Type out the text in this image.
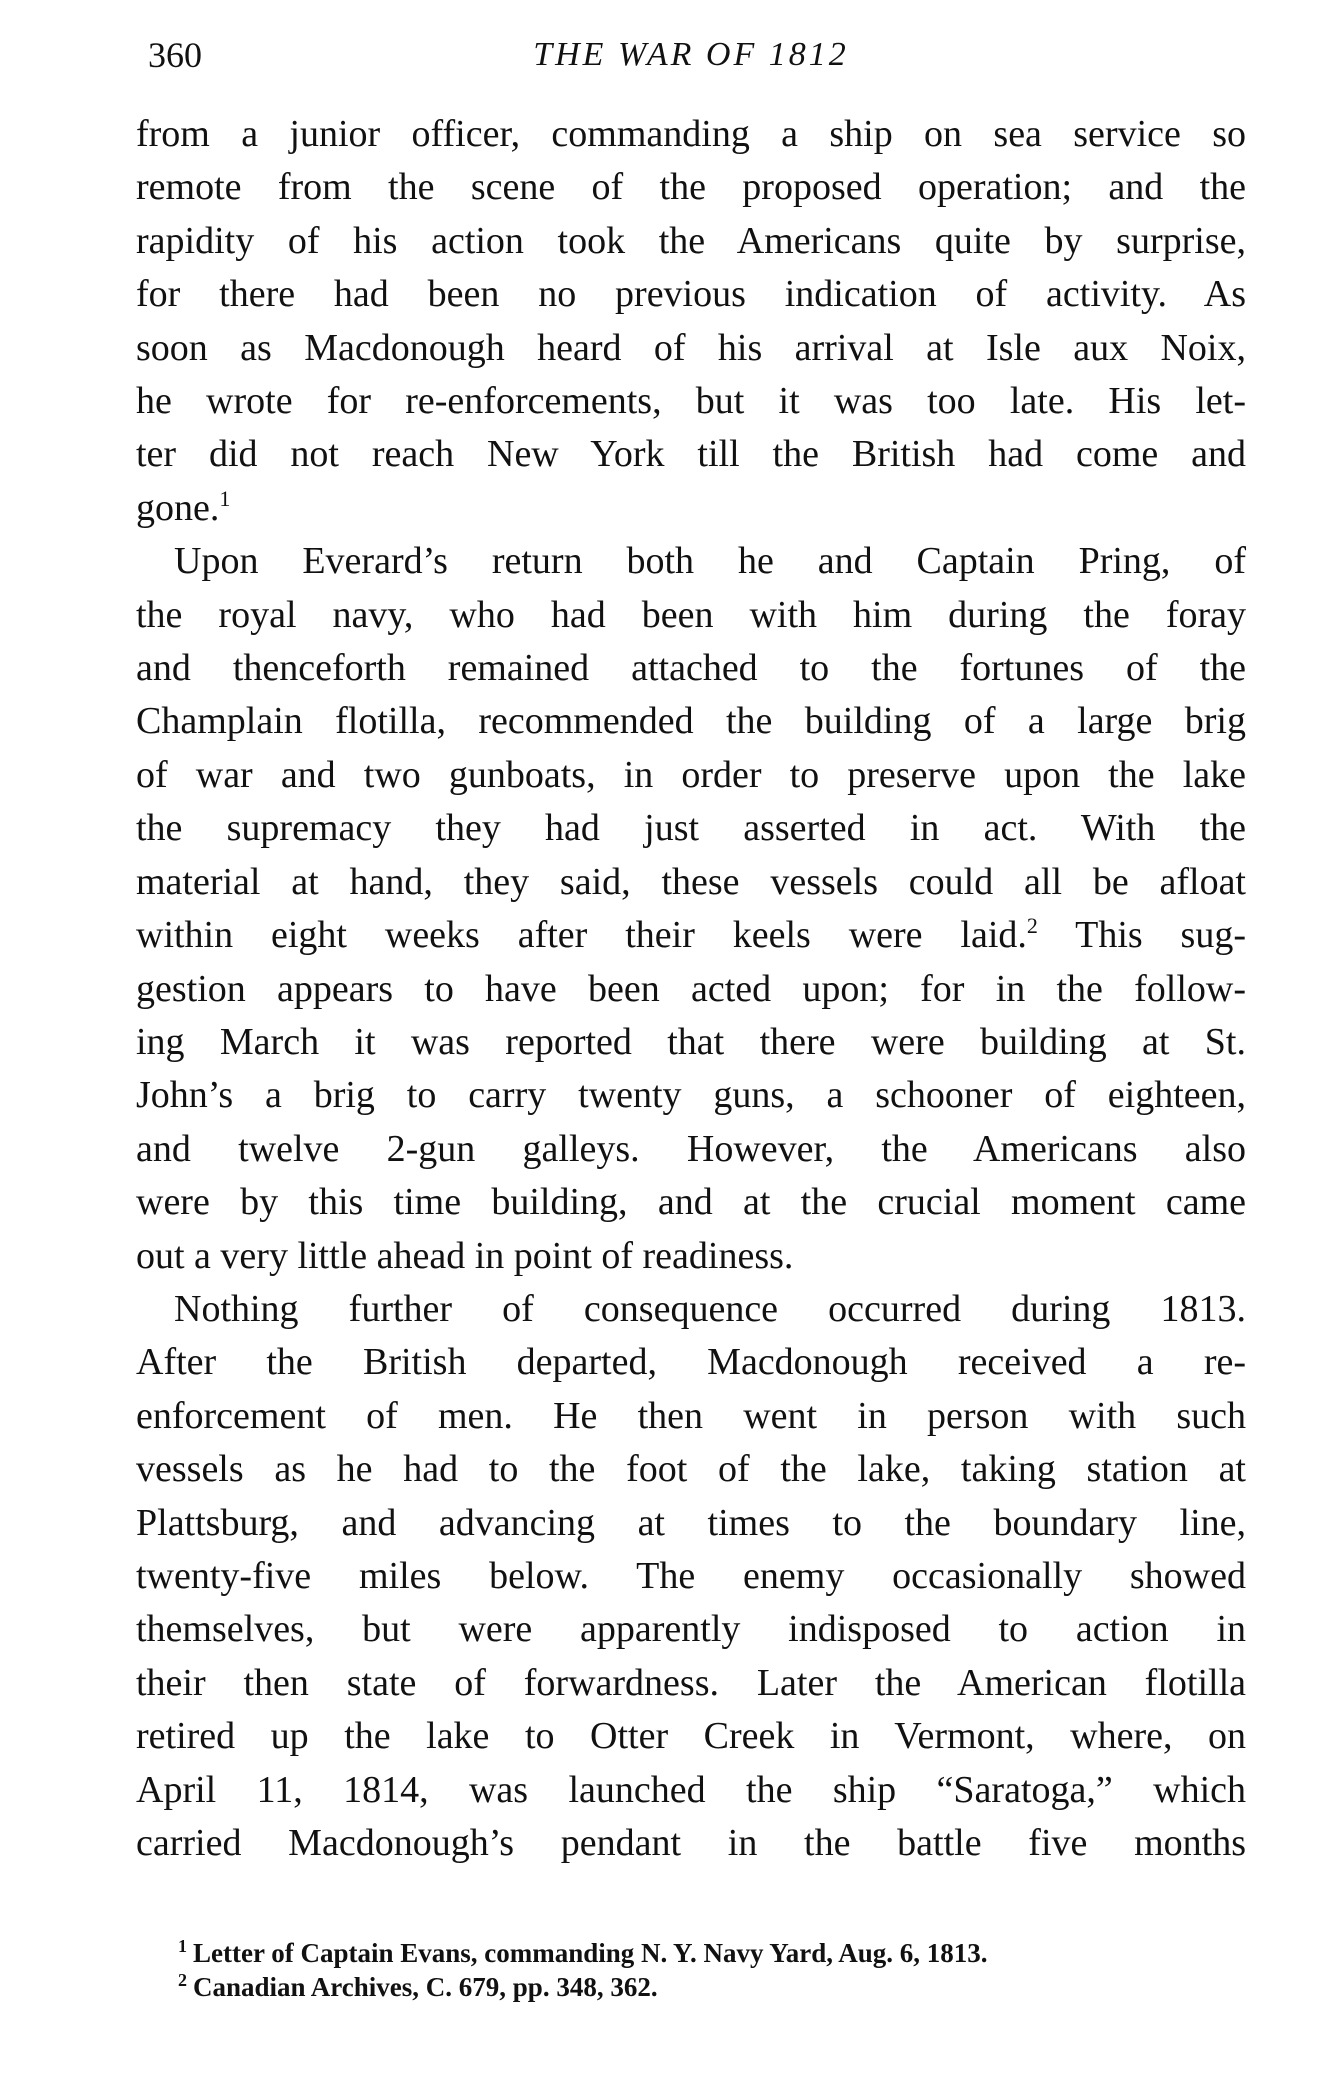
360	THE WAR OF 1812

from a junior officer, commanding a ship on sea service so
remote from the scene of the proposed operation; and the
rapidity of his action took the Americans quite by surprise,
for there had been no previous indication of activity. As
soon as Macdonough heard of his arrival at Isle aux Noix,
he wrote for re-enforcements, but it was too late. His let-
ter did not reach New York till the British had come and
gone.$^1$

Upon Everard’s return both he and Captain Pring, of
the royal navy, who had been with him during the foray
and thenceforth remained attached to the fortunes of the
Champlain flotilla, recommended the building of a large brig
of war and two gunboats, in order to preserve upon the lake
the supremacy they had just asserted in act. With the
material at hand, they said, these vessels could all be afloat
within eight weeks after their keels were laid.$^2$ This sug-
gestion appears to have been acted upon; for in the follow-
ing March it was reported that there were building at St.
John’s a brig to carry twenty guns, a schooner of eighteen,
and twelve 2-gun galleys. However, the Americans also
were by this time building, and at the crucial moment came
out a very little ahead in point of readiness.

Nothing further of consequence occurred during 1813.
After the British departed, Macdonough received a re-
enforcement of men. He then went in person with such
vessels as he had to the foot of the lake, taking station at
Plattsburg, and advancing at times to the boundary line,
twenty-five miles below. The enemy occasionally showed
themselves, but were apparently indisposed to action in
their then state of forwardness. Later the American flotilla
retired up the lake to Otter Creek in Vermont, where, on
April 11, 1814, was launched the ship “Saratoga,” which
carried Macdonough’s pendant in the battle five months

$^1$ Letter of Captain Evans, commanding N. Y. Navy Yard, Aug. 6, 1813.
$^2$ Canadian Archives, C. 679, pp. 348, 362.
